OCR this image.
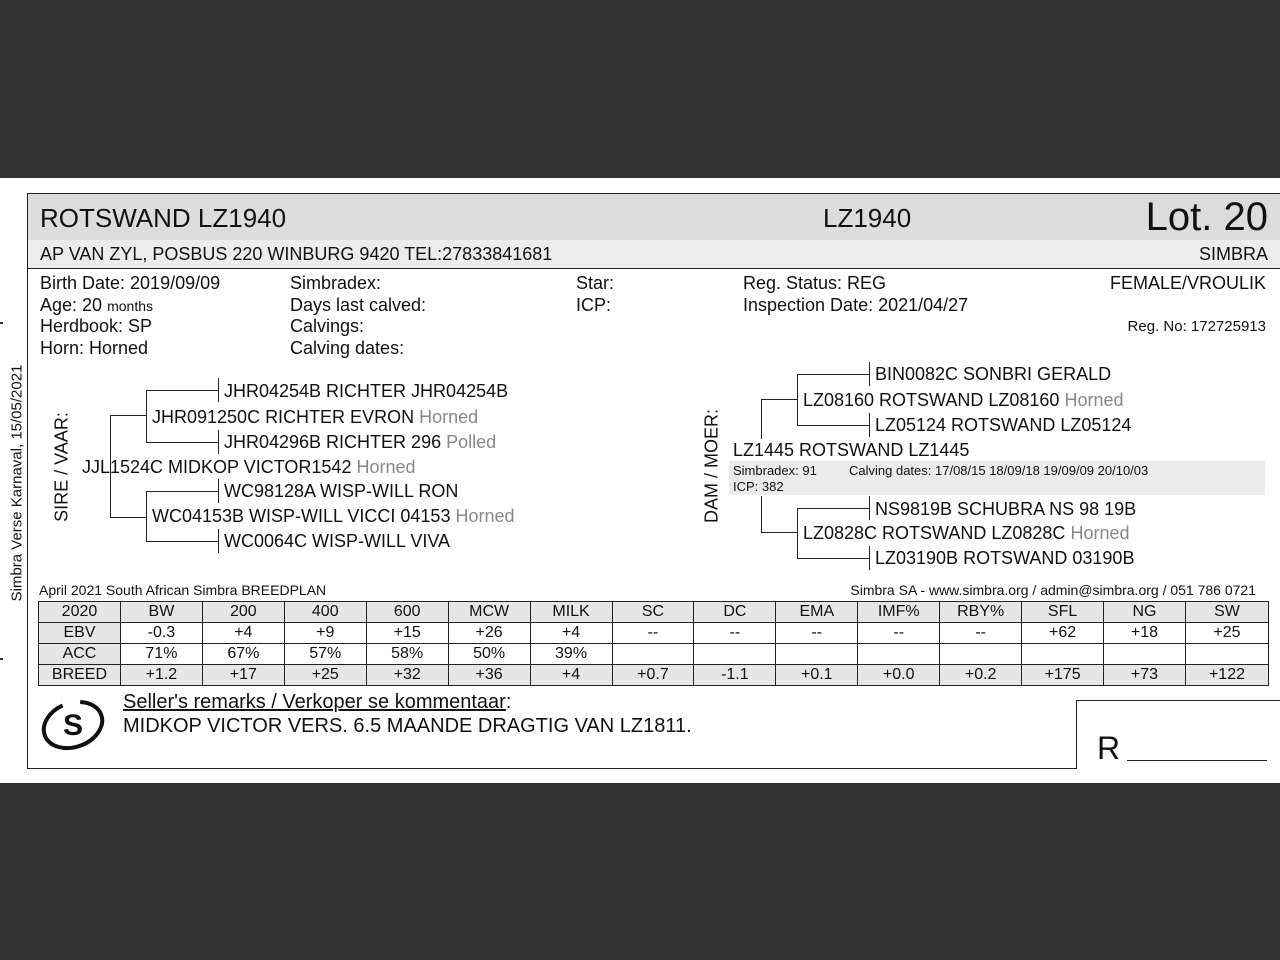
Simbra Verse Karnaval, 15/05/2021
ROTSWAND LZ1940	LZ1940	Lot. 20
AP VAN ZYL, POSBUS 220 WINBURG 9420 TEL:27833841681	SIMBRA
Birth Date: 2019/09/09
Age: 20 months
Herdbook: SP
Horn: Horned
Simbradex:
Days last calved:
Calvings:
Calving dates:
Star:
ICP:
Reg. Status: REG
Inspection Date: 2021/04/27
FEMALE/VROULIK
Reg. No: 172725913
SIRE / VAAR:
JHR04254B RICHTER JHR04254B
JHR091250C RICHTER EVRON Horned
JHR04296B RICHTER 296 Polled
JJL1524C MIDKOP VICTOR1542 Horned
WC98128A WISP-WILL RON
WC04153B WISP-WILL VICCI 04153 Horned
WC0064C WISP-WILL VIVA
DAM / MOER:
BIN0082C SONBRI GERALD
LZ08160 ROTSWAND LZ08160 Horned
LZ05124 ROTSWAND LZ05124
LZ1445 ROTSWAND LZ1445
Simbradex: 91 Calving dates: 17/08/15 18/09/18 19/09/09 20/10/03
ICP: 382
NS9819B SCHUBRA NS 98 19B
LZ0828C ROTSWAND LZ0828C Horned
LZ03190B ROTSWAND 03190B
April 2021 South African Simbra BREEDPLAN	Simbra SA - www.simbra.org / admin@simbra.org / 051 786 0721
2020	BW	200	400	600	MCW	MILK	SC	DC	EMA	IMF%	RBY%	SFL	NG	SW
EBV	-0.3	+4	+9	+15	+26	+4	--	--	--	--	--	+62	+18	+25
ACC	71%	67%	57%	58%	50%	39%								
BREED	+1.2	+17	+25	+32	+36	+4	+0.7	-1.1	+0.1	+0.0	+0.2	+175	+73	+122
S
Seller's remarks / Verkoper se kommentaar:
MIDKOP VICTOR VERS. 6.5 MAANDE DRAGTIG VAN LZ1811.
R
